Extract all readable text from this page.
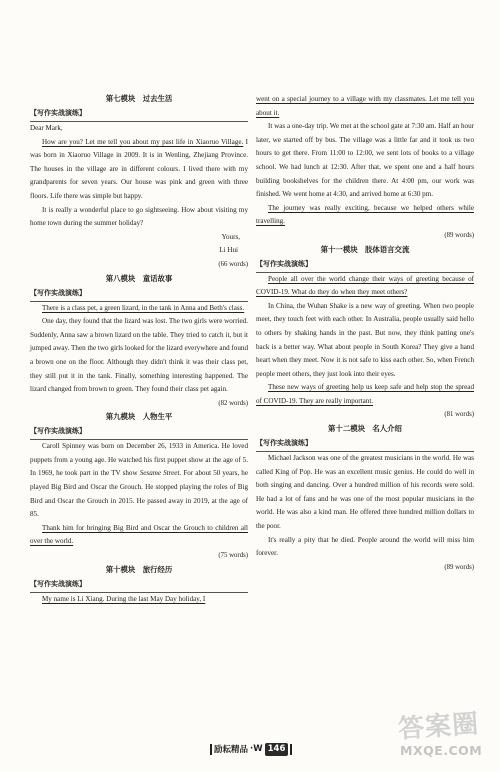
第七模块　过去生活

【写作实战演练】

Dear Mark,

How are you? Let me tell you about my past life in Xiaoruo Village. I was born in Xiaoruo Village in 2009. It is in Wenling, Zhejiang Province. The houses in the village are in different colours. I lived there with my grandparents for seven years. Our house was pink and green with three floors. Life there was simple but happy.

It is really a wonderful place to go sightseeing. How about visiting my home town during the summer holiday?

Yours,

Li Hui

(66 words)

第八模块　童话故事

【写作实战演练】

There is a class pet, a green lizard, in the tank in Anna and Beth's class.

One day, they found that the lizard was lost. The two girls were worried. Suddenly, Anna saw a brown lizard on the table. They tried to catch it, but it jumped away. Then the two girls looked for the lizard everywhere and found a brown one on the floor. Although they didn't think it was their class pet, they still put it in the tank. Finally, something interesting happened. The lizard changed from brown to green. They found their class pet again.

(82 words)

第九模块　人物生平

【写作实战演练】

Caroll Spinney was born on December 26, 1933 in America. He loved puppets from a young age. He watched his first puppet show at the age of 5. In 1969, he took part in the TV show Sesame Street. For about 50 years, he played Big Bird and Oscar the Grouch. He stopped playing the roles of Big Bird and Oscar the Grouch in 2015. He passed away in 2019, at the age of 85.

Thank him for bringing Big Bird and Oscar the Grouch to children all over the world.

(75 words)

第十模块　旅行经历

【写作实战演练】

My name is Li Xiang. During the last May Day holiday, I

went on a special journey to a village with my classmates. Let me tell you about it.

It was a one-day trip. We met at the school gate at 7:30 am. Half an hour later, we started off by bus. The village was a little far and it took us two hours to get there. From 11:00 to 12:00, we sent lots of books to a village school. We had lunch at 12:30. After that, we spent one and a half hours building bookshelves for the children there. At 4:00 pm, our work was finished. We went home at 4:30, and arrived home at 6:30 pm.

The journey was really exciting, because we helped others while travelling.

(89 words)

第十一模块　肢体语言交流

【写作实战演练】

People all over the world change their ways of greeting because of COVID-19. What do they do when they meet others?

In China, the Wuhan Shake is a new way of greeting. When two people meet, they touch feet with each other. In Australia, people usually said hello to others by shaking hands in the past. But now, they think patting one's back is a better way. What about people in South Korea? They give a hand heart when they meet. Now it is not safe to kiss each other. So, when French people meet others, they just look into their eyes.

These new ways of greeting help us keep safe and help stop the spread of COVID-19. They are really important.

(81 words)

第十二模块　名人介绍

【写作实战演练】

Michael Jackson was one of the greatest musicians in the world. He was called King of Pop. He was an excellent music genius. He could do well in both singing and dancing. Over a hundred million of his records were sold. He had a lot of fans and he was one of the most popular musicians in the world. He was also a kind man. He offered three hundred million dollars to the poor.

It's really a pity that he died. People around the world will miss him forever.

(89 words)

励耘精品 ·W 146
答案圈
MXQE.COM
